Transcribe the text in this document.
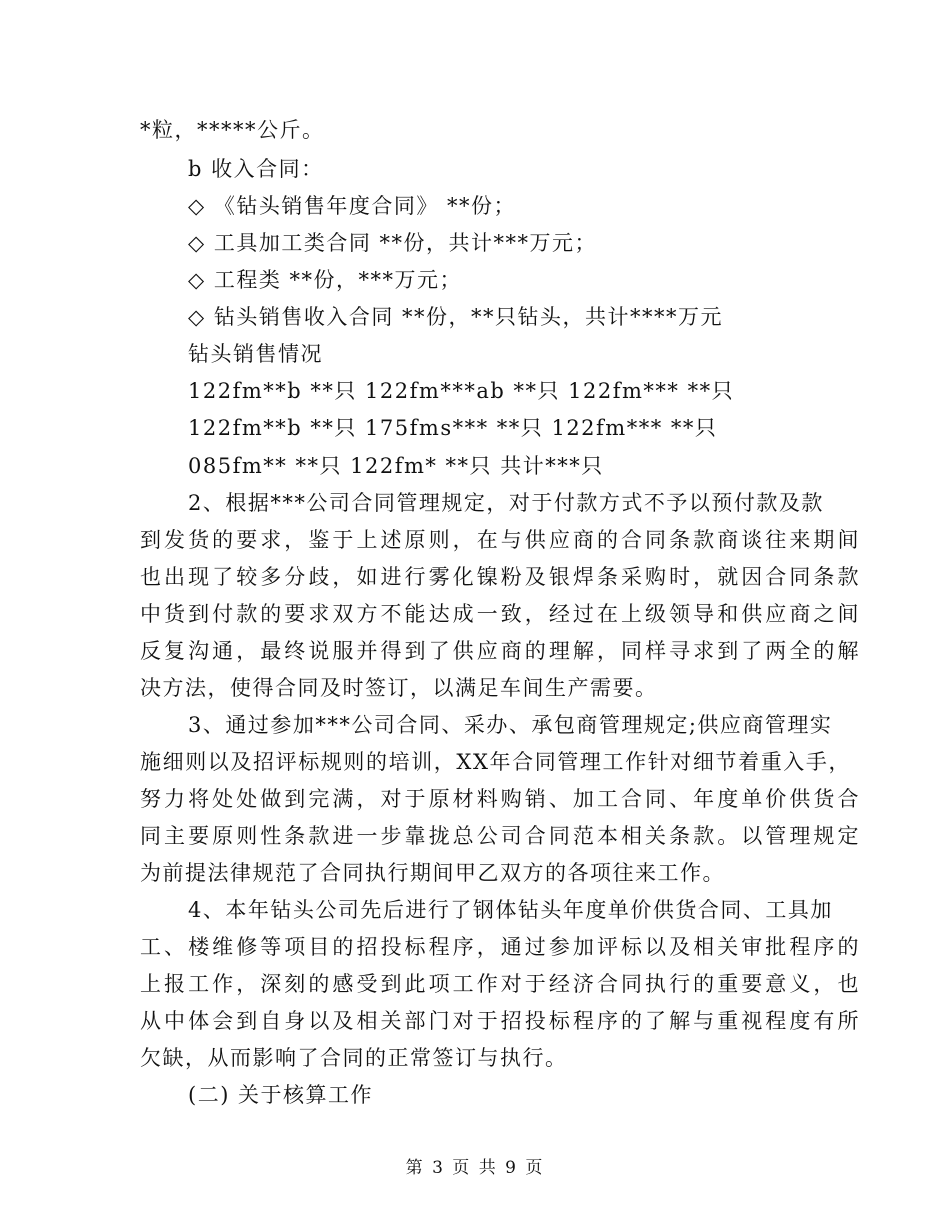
*粒，*****公斤。
b 收入合同：
◇ 《钻头销售年度合同》 **份；
◇ 工具加工类合同 **份，共计***万元；
◇ 工程类 **份，***万元；
◇ 钻头销售收入合同 **份，**只钻头，共计****万元
钻头销售情况
122fm**b **只 122fm***ab **只 122fm*** **只
122fm**b **只 175fms*** **只 122fm*** **只
085fm** **只 122fm* **只 共计***只
2、根据***公司合同管理规定，对于付款方式不予以预付款及款
到发货的要求，鉴于上述原则，在与供应商的合同条款商谈往来期间
也出现了较多分歧，如进行雾化镍粉及银焊条采购时，就因合同条款
中货到付款的要求双方不能达成一致，经过在上级领导和供应商之间
反复沟通，最终说服并得到了供应商的理解，同样寻求到了两全的解
决方法，使得合同及时签订，以满足车间生产需要。
3、通过参加***公司合同、采办、承包商管理规定;供应商管理实
施细则以及招评标规则的培训，XX年合同管理工作针对细节着重入手，
努力将处处做到完满，对于原材料购销、加工合同、年度单价供货合
同主要原则性条款进一步靠拢总公司合同范本相关条款。以管理规定
为前提法律规范了合同执行期间甲乙双方的各项往来工作。
4、本年钻头公司先后进行了钢体钻头年度单价供货合同、工具加
工、楼维修等项目的招投标程序，通过参加评标以及相关审批程序的
上报工作，深刻的感受到此项工作对于经济合同执行的重要意义，也
从中体会到自身以及相关部门对于招投标程序的了解与重视程度有所
欠缺，从而影响了合同的正常签订与执行。
(二) 关于核算工作
第 3 页 共 9 页
